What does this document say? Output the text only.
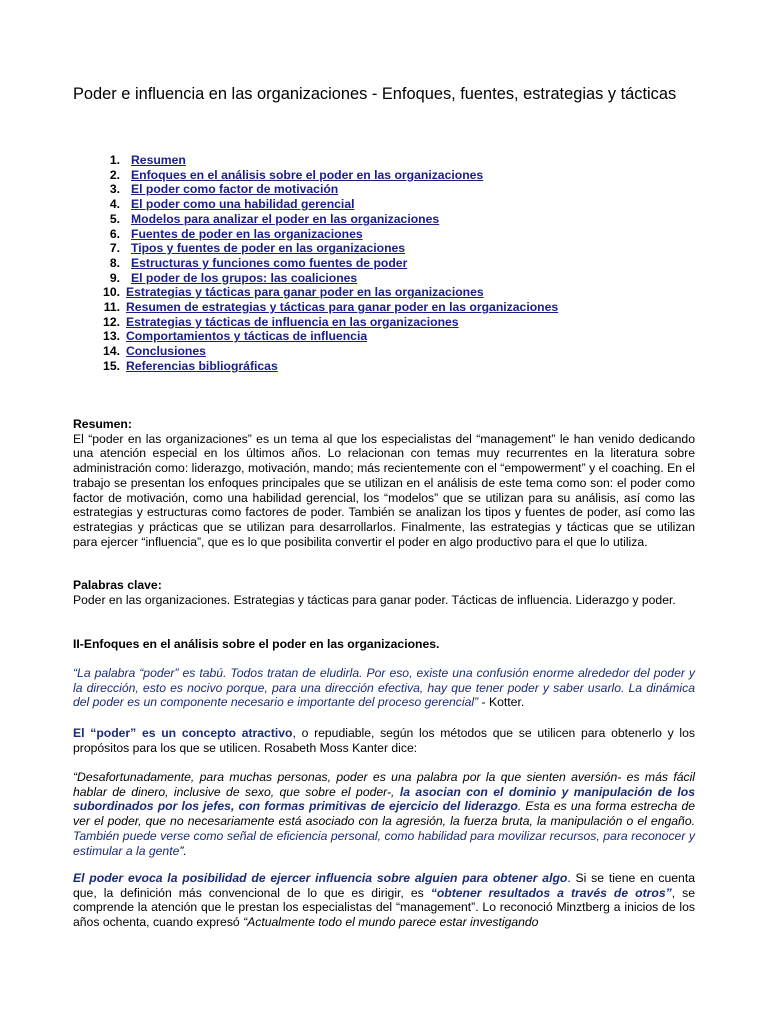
Poder e influencia en las organizaciones - Enfoques, fuentes, estrategias y tácticas
1. Resumen
2. Enfoques en el análisis sobre el poder en las organizaciones
3. El poder como factor de motivación
4. El poder como una habilidad gerencial
5. Modelos para analizar el poder en las organizaciones
6. Fuentes de poder en las organizaciones
7. Tipos y fuentes de poder en las organizaciones
8. Estructuras y funciones como fuentes de poder
9. El poder de los grupos: las coaliciones
10. Estrategias y tácticas para ganar poder en las organizaciones
11. Resumen de estrategias y tácticas para ganar poder en las organizaciones
12. Estrategias y tácticas de influencia en las organizaciones
13. Comportamientos y tácticas de influencia
14. Conclusiones
15. Referencias bibliográficas
Resumen:
El “poder en las organizaciones” es un tema al que los especialistas del “management” le han venido dedicando una atención especial en los últimos años. Lo relacionan con temas muy recurrentes en la literatura sobre administración como: liderazgo, motivación, mando; más recientemente con el “empowerment” y el coaching. En el trabajo se presentan los enfoques principales que se utilizan en el análisis de este tema como son: el poder como factor de motivación, como una habilidad gerencial, los “modelos” que se utilizan para su análisis, así como las estrategias y estructuras como factores de poder. También se analizan los tipos y fuentes de poder, así como las estrategias y prácticas que se utilizan para desarrollarlos. Finalmente, las estrategias y tácticas que se utilizan para ejercer “influencia”, que es lo que posibilita convertir el poder en algo productivo para el que lo utiliza.
Palabras clave:
Poder en las organizaciones. Estrategias y tácticas para ganar poder. Tácticas de influencia. Liderazgo y poder.
II-Enfoques en el análisis sobre el poder en las organizaciones.

“La palabra “poder” es tabú. Todos tratan de eludirla. Por eso, existe una confusión enorme alrededor del poder y la dirección, esto es nocivo porque, para una dirección efectiva, hay que tener poder y saber usarlo. La dinámica del poder es un componente necesario e importante del proceso gerencial” - Kotter.

El “poder” es un concepto atractivo, o repudiable, según los métodos que se utilicen para obtenerlo y los propósitos para los que se utilicen. Rosabeth Moss Kanter dice:

“Desafortunadamente, para muchas personas, poder es una palabra por la que sienten aversión- es más fácil hablar de dinero, inclusive de sexo, que sobre el poder-, la asocian con el dominio y manipulación de los subordinados por los jefes, con formas primitivas de ejercicio del liderazgo. Esta es una forma estrecha de ver el poder, que no necesariamente está asociado con la agresión, la fuerza bruta, la manipulación o el engaño. También puede verse como señal de eficiencia personal, como habilidad para movilizar recursos, para reconocer y estimular a la gente”.

El poder evoca la posibilidad de ejercer influencia sobre alguien para obtener algo. Si se tiene en cuenta que, la definición más convencional de lo que es dirigir, es “obtener resultados a través de otros”, se comprende la atención que le prestan los especialistas del “management”. Lo reconoció Minztberg a inicios de los años ochenta, cuando expresó “Actualmente todo el mundo parece estar investigando
